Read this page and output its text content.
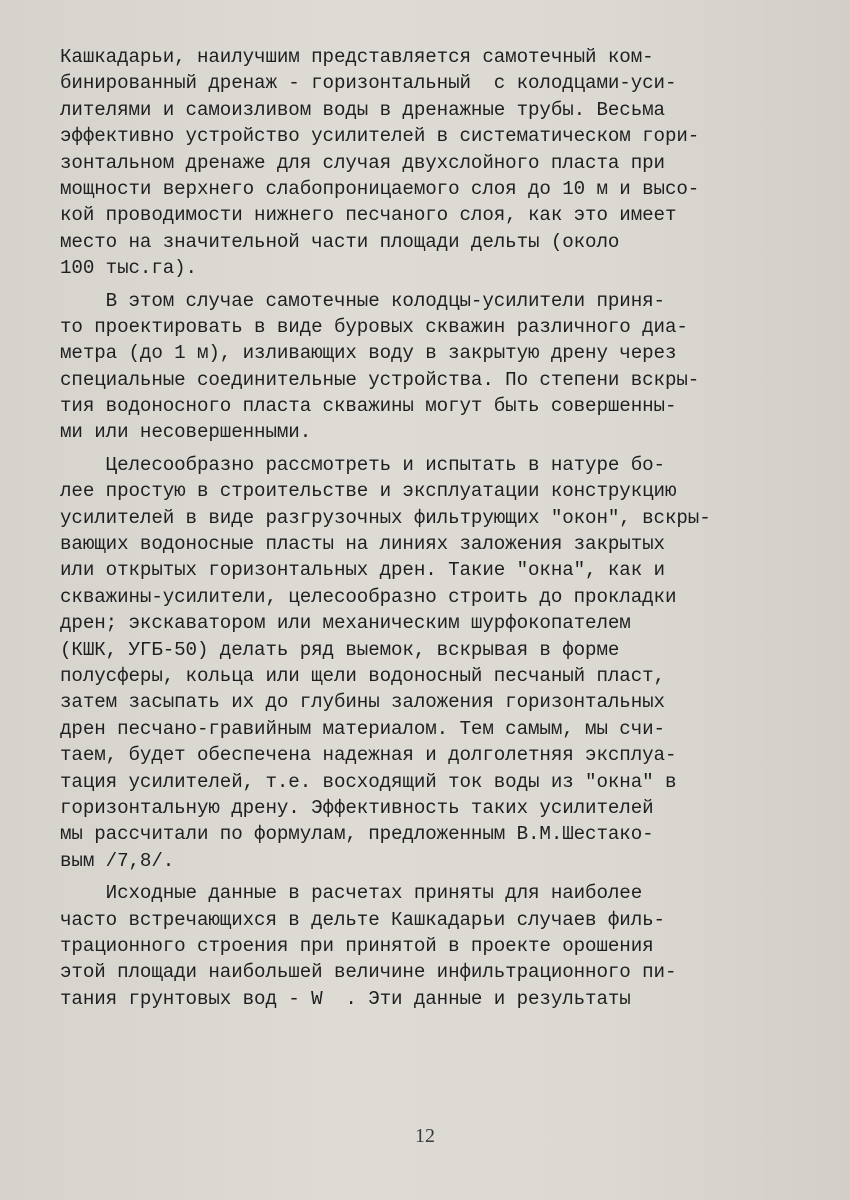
Кашкадарьи, наилучшим представляется самотечный ком-
бинированный дренаж - горизонтальный  с колодцами-уси-
лителями и самоизливом воды в дренажные трубы. Весьма
эффективно устройство усилителей в систематическом гори-
зонтальном дренаже для случая двухслойного пласта при
мощности верхнего слабопроницаемого слоя до 10 м и высо-
кой проводимости нижнего песчаного слоя, как это имеет
место на значительной части площади дельты (около
100 тыс.га).
В этом случае самотечные колодцы-усилители приня-
то проектировать в виде буровых скважин различного диа-
метра (до 1 м), изливающих воду в закрытую дрену через
специальные соединительные устройства. По степени вскры-
тия водоносного пласта скважины могут быть совершенны-
ми или несовершенными.
Целесообразно рассмотреть и испытать в натуре бо-
лее простую в строительстве и эксплуатации конструкцию
усилителей в виде разгрузочных фильтрующих "окон", вскры-
вающих водоносные пласты на линиях заложения закрытых
или открытых горизонтальных дрен. Такие "окна", как и
скважины-усилители, целесообразно строить до прокладки
дрен; экскаватором или механическим шурфокопателем
(КШК, УГБ-50) делать ряд выемок, вскрывая в форме
полусферы, кольца или щели водоносный песчаный пласт,
затем засыпать их до глубины заложения горизонтальных
дрен песчано-гравийным материалом. Тем самым, мы счи-
таем, будет обеспечена надежная и долголетняя эксплуа-
тация усилителей, т.е. восходящий ток воды из "окна" в
горизонтальную дрену. Эффективность таких усилителей
мы рассчитали по формулам, предложенным В.М.Шестако-
вым /7,8/.
Исходные данные в расчетах приняты для наиболее
часто встречающихся в дельте Кашкадарьи случаев филь-
трационного строения при принятой в проекте орошения
этой площади наибольшей величине инфильтрационного пи-
тания грунтовых вод - W  . Эти данные и результаты
12
